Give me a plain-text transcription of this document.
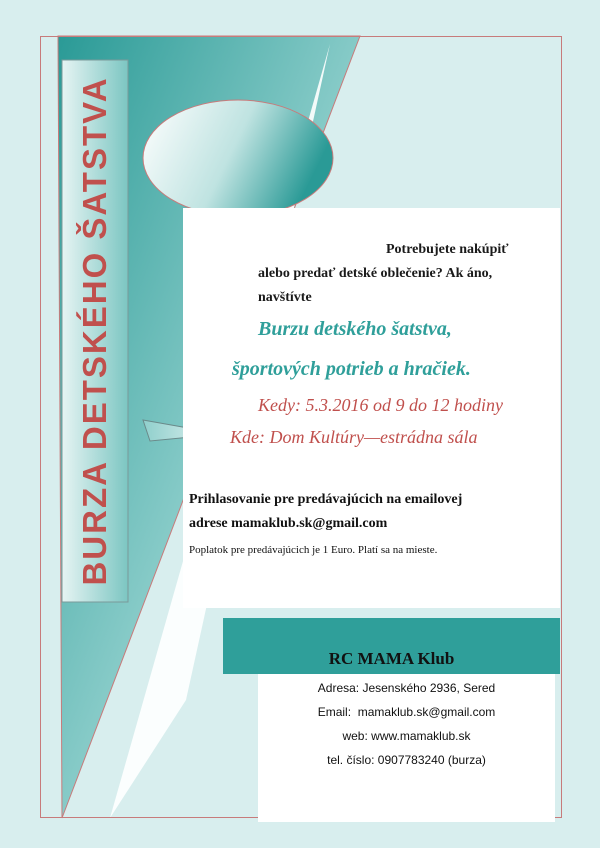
BURZA DETSKÉHO ŠATSTVA	Potrebujete nakúpiť
alebo predať detské oblečenie? Ak áno,
navštívte
Burzu detského šatstva,
športových potrieb a hračiek.
Kedy: 5.3.2016 od 9 do 12 hodiny
Kde: Dom Kultúry—estrádna sála
Prihlasovanie pre predávajúcich na emailovej
adrese mamaklub.sk@gmail.com
Poplatok pre predávajúcich je 1 Euro. Platí sa na mieste.
RC MAMA Klub
Adresa: Jesenského 2936, Sered
Email:  mamaklub.sk@gmail.com
web: www.mamaklub.sk
tel. číslo: 0907783240 (burza)
